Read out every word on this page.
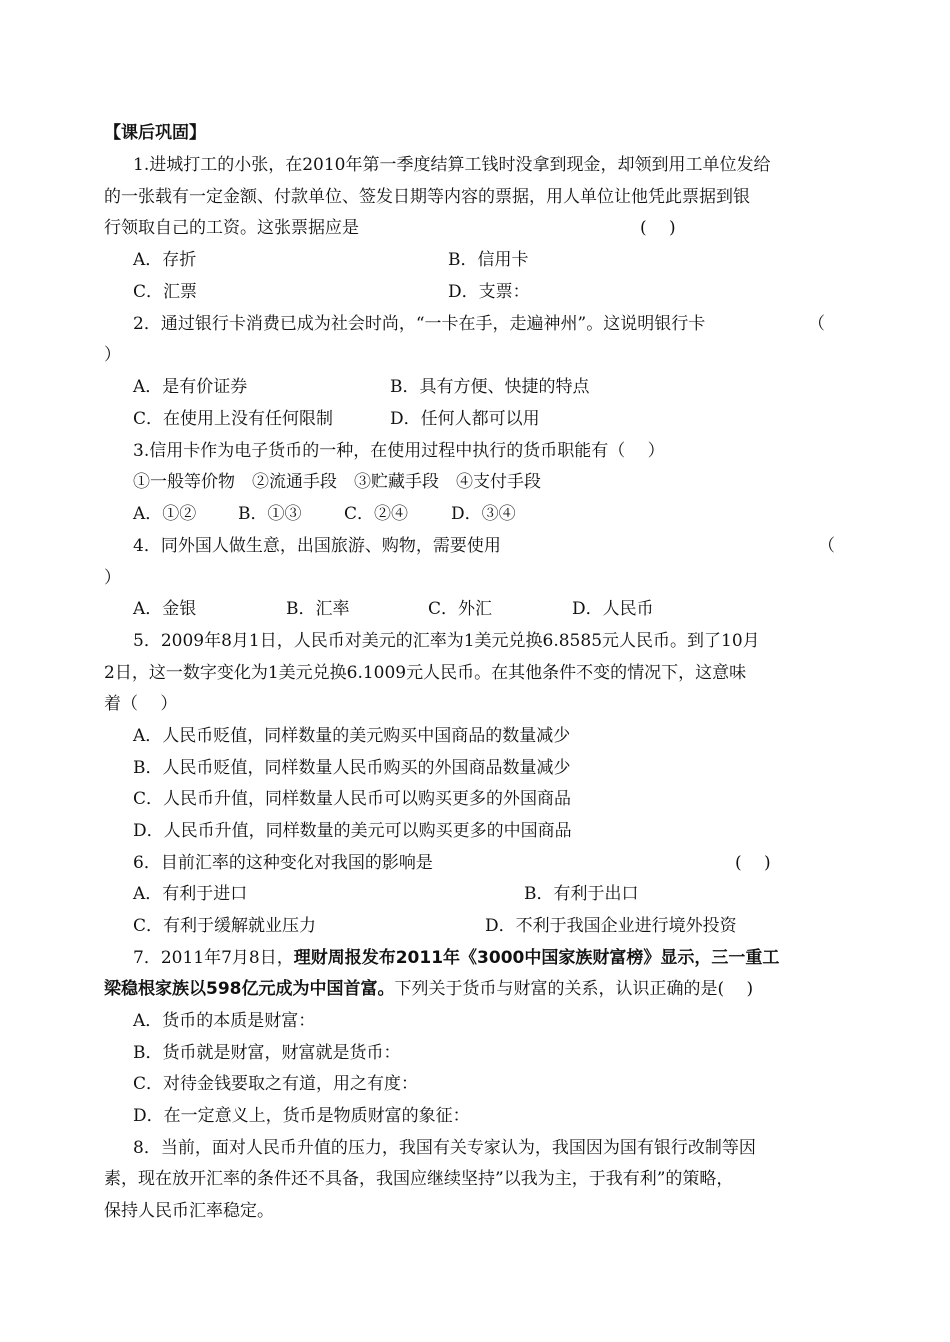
【课后巩固】
1.进城打工的小张，在2010年第一季度结算工钱时没拿到现金，却领到用工单位发给
的一张载有一定金额、付款单位、签发日期等内容的票据，用人单位让他凭此票据到银
行领取自己的工资。这张票据应是	(　 )
A．存折	B．信用卡
C．汇票	D．支票：
2．通过银行卡消费已成为社会时尚，“一卡在手，走遍神州”。这说明银行卡	（
）
A．是有价证券	B．具有方便、快捷的特点
C．在使用上没有任何限制	D．任何人都可以用
3.信用卡作为电子货币的一种，在使用过程中执行的货币职能有（　 ）
①一般等价物　②流通手段　③贮藏手段　④支付手段
A．①② B．①③	C．②④	D．③④
4．同外国人做生意，出国旅游、购物，需要使用	（
）
A．金银	B．汇率	C．外汇	D．人民币
5．2009年8月1日，人民币对美元的汇率为1美元兑换6.8585元人民币。到了10月
2日，这一数字变化为1美元兑换6.1009元人民币。在其他条件不变的情况下，这意味
着（　 ）
A．人民币贬值，同样数量的美元购买中国商品的数量减少
B．人民币贬值，同样数量人民币购买的外国商品数量减少
C．人民币升值，同样数量人民币可以购买更多的外国商品
D．人民币升值，同样数量的美元可以购买更多的中国商品
6．目前汇率的这种变化对我国的影响是	(　 )
A．有利于进口	B．有利于出口
C．有利于缓解就业压力	D．不利于我国企业进行境外投资
7．2011年7月8日，理财周报发布2011年《3000中国家族财富榜》显示，三一重工
梁稳根家族以598亿元成为中国首富。下列关于货币与财富的关系，认识正确的是(　 )
A．货币的本质是财富：
B．货币就是财富，财富就是货币：
C．对待金钱要取之有道，用之有度：
D．在一定意义上，货币是物质财富的象征：
8．当前，面对人民币升值的压力，我国有关专家认为，我国因为国有银行改制等因
素，现在放开汇率的条件还不具备，我国应继续坚持”以我为主，于我有利”的策略，
保持人民币汇率稳定。
